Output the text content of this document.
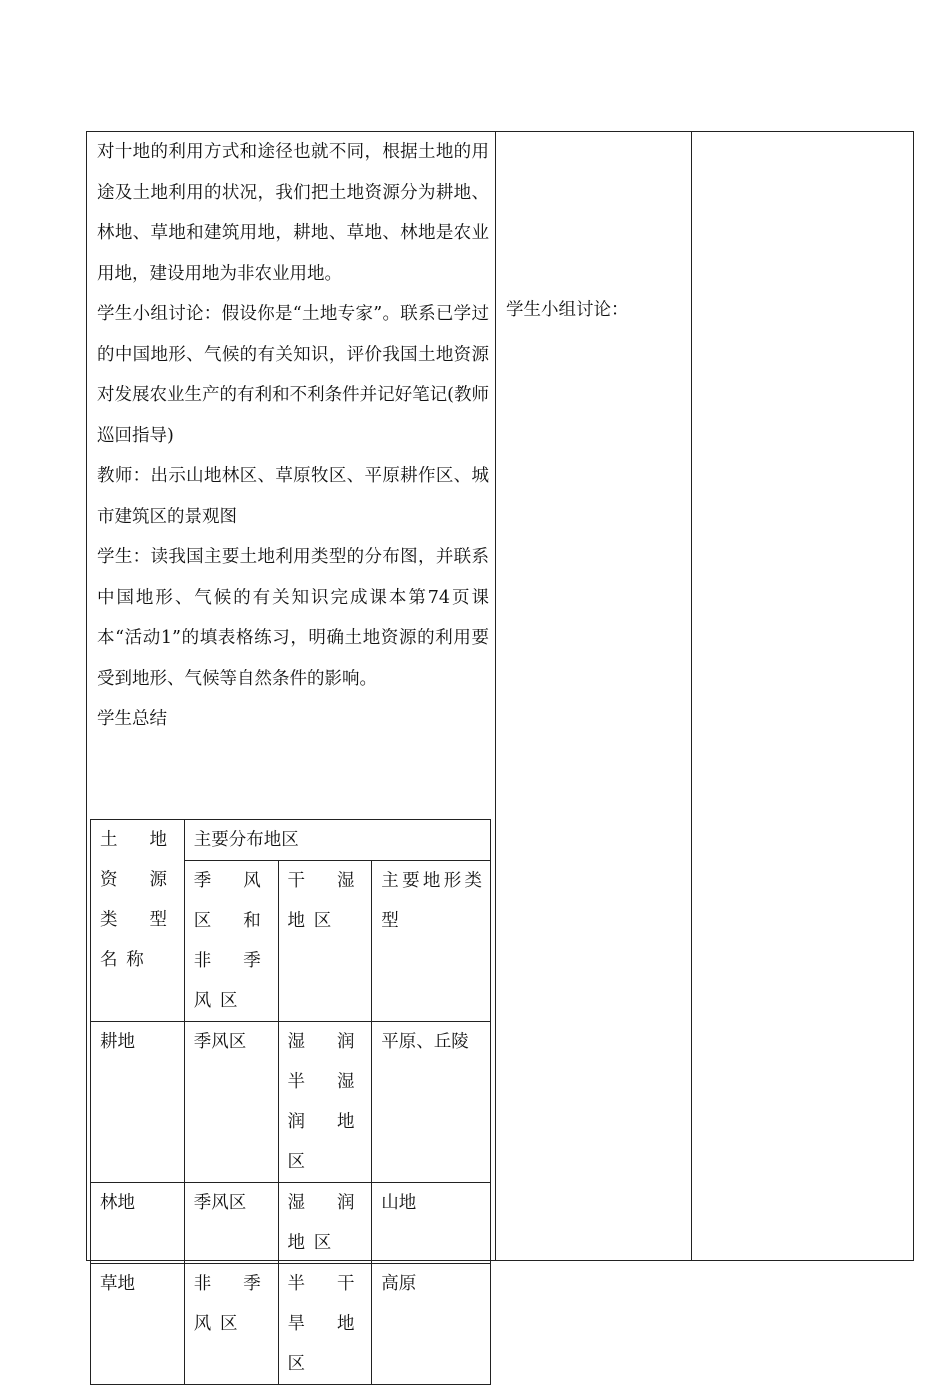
对十地的利用方式和途径也就不同，根据土地的用途及土地利用的状况，我们把土地资源分为耕地、林地、草地和建筑用地，耕地、草地、林地是农业用地，建设用地为非农业用地。

学生小组讨论：假设你是“土地专家”。联系已学过的中国地形、气候的有关知识，评价我国土地资源对发展农业生产的有利和不利条件并记好笔记(教师巡回指导)

教师：出示山地林区、草原牧区、平原耕作区、城市建筑区的景观图

学生：读我国主要土地利用类型的分布图，并联系中国地形、气候的有关知识完成课本第74页课本“活动1”的填表格练习，明确土地资源的利用要受到地形、气候等自然条件的影响。

学生总结

学生小组讨论：
土地资源类型名称	主要分布地区		
	季风区和非季风区	干湿地区	主要地形类型
耕地	季风区	湿润半湿润地区	平原、丘陵
林地	季风区	湿润地区	山地
草地	非季风区	半干旱地区	高原
